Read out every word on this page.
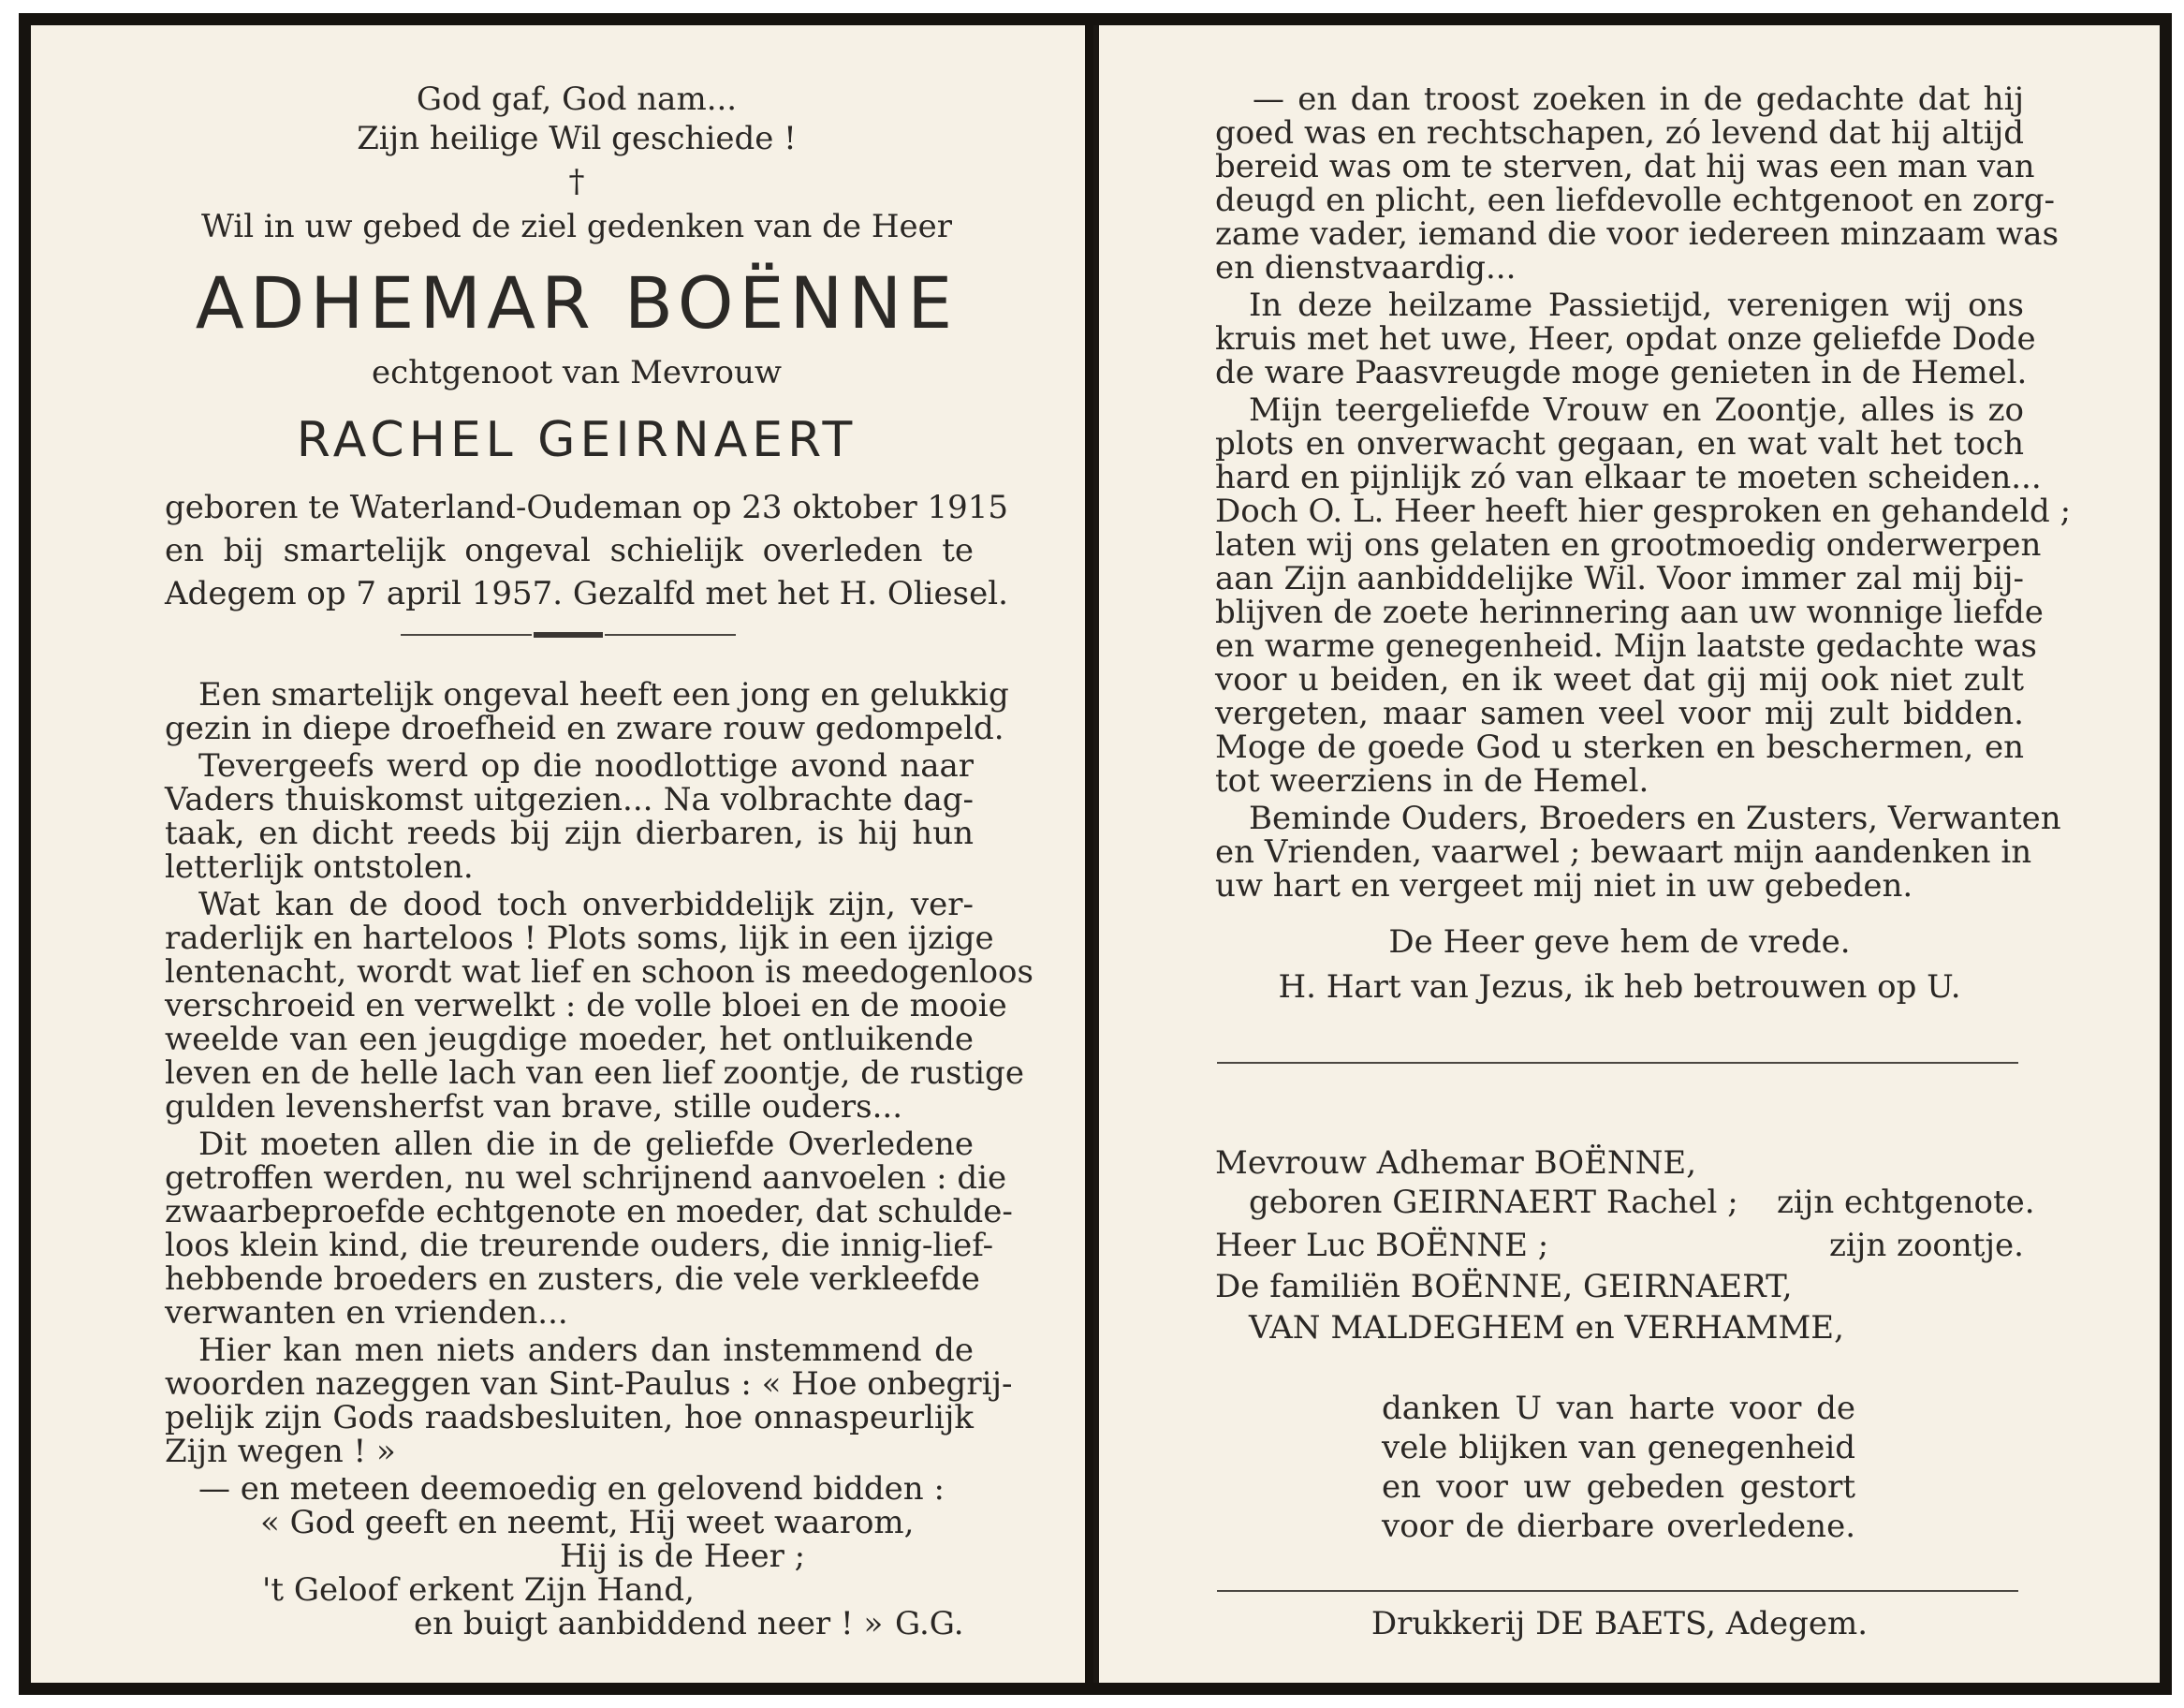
God gaf, God nam...
Zijn heilige Wil geschiede !
†
Wil in uw gebed de ziel gedenken van de Heer
ADHEMAR BOËNNE
echtgenoot van Mevrouw
RACHEL GEIRNAERT
geboren te Waterland-Oudeman op 23 oktober 1915
en bij smartelijk ongeval schielijk overleden te
Adegem op 7 april 1957. Gezalfd met het H. Oliesel.
Een smartelijk ongeval heeft een jong en gelukkig
gezin in diepe droefheid en zware rouw gedompeld.
Tevergeefs werd op die noodlottige avond naar
Vaders thuiskomst uitgezien... Na volbrachte dag-
taak, en dicht reeds bij zijn dierbaren, is hij hun
letterlijk ontstolen.
Wat kan de dood toch onverbiddelijk zijn, ver-
raderlijk en harteloos ! Plots soms, lijk in een ijzige
lentenacht, wordt wat lief en schoon is meedogenloos
verschroeid en verwelkt : de volle bloei en de mooie
weelde van een jeugdige moeder, het ontluikende
leven en de helle lach van een lief zoontje, de rustige
gulden levensherfst van brave, stille ouders...
Dit moeten allen die in de geliefde Overledene
getroffen werden, nu wel schrijnend aanvoelen : die
zwaarbeproefde echtgenote en moeder, dat schulde-
loos klein kind, die treurende ouders, die innig-lief-
hebbende broeders en zusters, die vele verkleefde
verwanten en vrienden...
Hier kan men niets anders dan instemmend de
woorden nazeggen van Sint-Paulus : « Hoe onbegrij-
pelijk zijn Gods raadsbesluiten, hoe onnaspeurlijk
Zijn wegen ! »
— en meteen deemoedig en gelovend bidden :
« God geeft en neemt, Hij weet waarom,
Hij is de Heer ;
't Geloof erkent Zijn Hand,
en buigt aanbiddend neer ! » G.G.
— en dan troost zoeken in de gedachte dat hij
goed was en rechtschapen, zó levend dat hij altijd
bereid was om te sterven, dat hij was een man van
deugd en plicht, een liefdevolle echtgenoot en zorg-
zame vader, iemand die voor iedereen minzaam was
en dienstvaardig...
In deze heilzame Passietijd, verenigen wij ons
kruis met het uwe, Heer, opdat onze geliefde Dode
de ware Paasvreugde moge genieten in de Hemel.
Mijn teergeliefde Vrouw en Zoontje, alles is zo
plots en onverwacht gegaan, en wat valt het toch
hard en pijnlijk zó van elkaar te moeten scheiden...
Doch O. L. Heer heeft hier gesproken en gehandeld ;
laten wij ons gelaten en grootmoedig onderwerpen
aan Zijn aanbiddelijke Wil. Voor immer zal mij bij-
blijven de zoete herinnering aan uw wonnige liefde
en warme genegenheid. Mijn laatste gedachte was
voor u beiden, en ik weet dat gij mij ook niet zult
vergeten, maar samen veel voor mij zult bidden.
Moge de goede God u sterken en beschermen, en
tot weerziens in de Hemel.
Beminde Ouders, Broeders en Zusters, Verwanten
en Vrienden, vaarwel ; bewaart mijn aandenken in
uw hart en vergeet mij niet in uw gebeden.
De Heer geve hem de vrede.
H. Hart van Jezus, ik heb betrouwen op U.
Mevrouw Adhemar BOËNNE,
geboren GEIRNAERT Rachel ; zijn echtgenote.
Heer Luc BOËNNE ;	zijn zoontje.
De familiën BOËNNE, GEIRNAERT,
VAN MALDEGHEM en VERHAMME,
danken U van harte voor de
vele blijken van genegenheid
en voor uw gebeden gestort
voor de dierbare overledene.
Drukkerij DE BAETS, Adegem.
